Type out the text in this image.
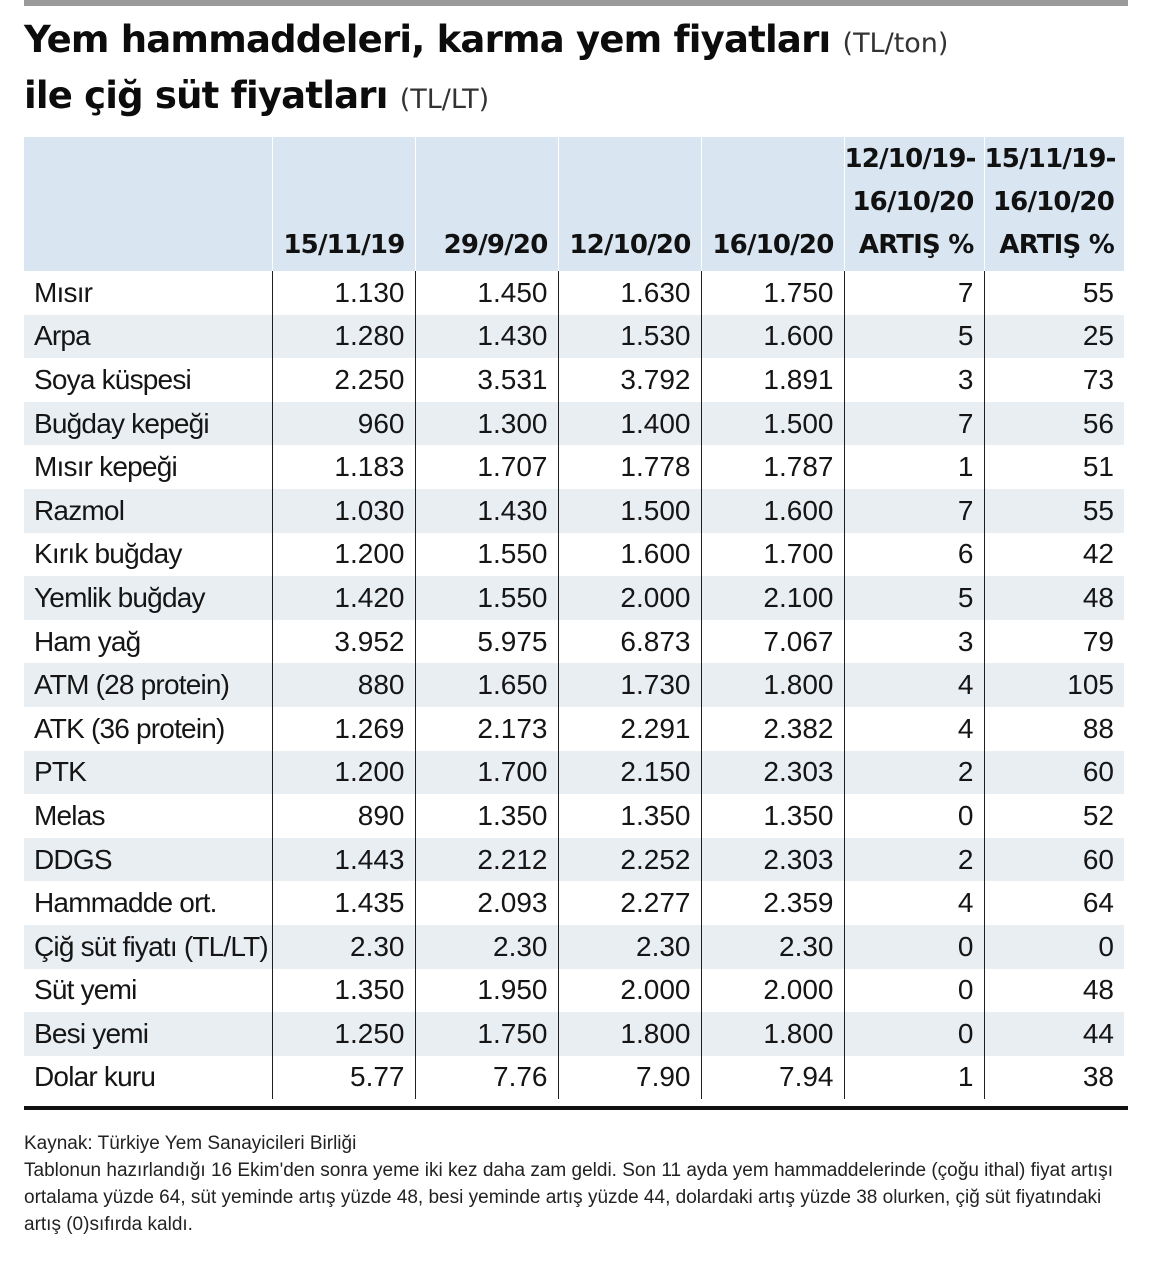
Yem hammaddeleri, karma yem fiyatları (TL/ton)
ile çiğ süt fiyatları (TL/LT)

	15/11/19	29/9/20	12/10/20	16/10/20	12/10/19-
16/10/20
ARTIŞ %	15/11/19-
16/10/20
ARTIŞ %

Mısır	1.130	1.450	1.630	1.750	7	55
Arpa	1.280	1.430	1.530	1.600	5	25
Soya küspesi	2.250	3.531	3.792	1.891	3	73
Buğday kepeği	960	1.300	1.400	1.500	7	56
Mısır kepeği	1.183	1.707	1.778	1.787	1	51
Razmol	1.030	1.430	1.500	1.600	7	55
Kırık buğday	1.200	1.550	1.600	1.700	6	42
Yemlik buğday	1.420	1.550	2.000	2.100	5	48
Ham yağ	3.952	5.975	6.873	7.067	3	79
ATM (28 protein)	880	1.650	1.730	1.800	4	105
ATK (36 protein)	1.269	2.173	2.291	2.382	4	88
PTK	1.200	1.700	2.150	2.303	2	60
Melas	890	1.350	1.350	1.350	0	52
DDGS	1.443	2.212	2.252	2.303	2	60
Hammadde ort.	1.435	2.093	2.277	2.359	4	64
Çiğ süt fiyatı (TL/LT)	2.30	2.30	2.30	2.30	0	0
Süt yemi	1.350	1.950	2.000	2.000	0	48
Besi yemi	1.250	1.750	1.800	1.800	0	44
Dolar kuru	5.77	7.76	7.90	7.94	1	38

Kaynak: Türkiye Yem Sanayicileri Birliği

Tablonun hazırlandığı 16 Ekim'den sonra yeme iki kez daha zam geldi. Son 11 ayda yem hammaddelerinde (çoğu ithal) fiyat artışı ortalama yüzde 64, süt yeminde artış yüzde 48, besi yeminde artış yüzde 44, dolardaki artış yüzde 38 olurken, çiğ süt fiyatındaki artış (0)sıfırda kaldı.
